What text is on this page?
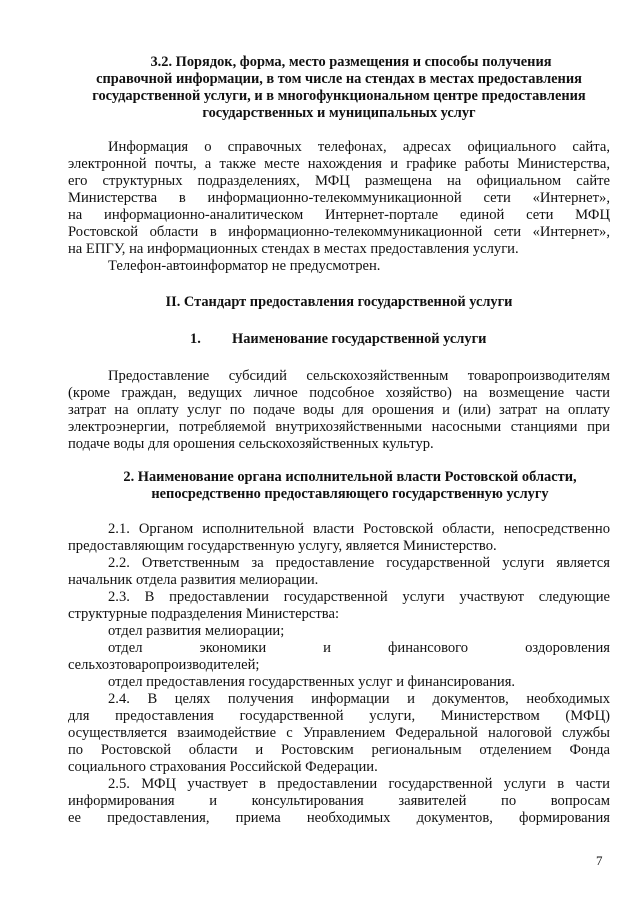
3.2. Порядок, форма, место размещения и способы получения
справочной информации, в том числе на стендах в местах предоставления
государственной услуги, и в многофункциональном центре предоставления
государственных и муниципальных услуг
Информация о справочных телефонах, адресах официального сайта,
электронной почты, а также месте нахождения и графике работы Министерства,
его структурных подразделениях, МФЦ размещена на официальном сайте
Министерства в информационно-телекоммуникационной сети «Интернет»,
на информационно-аналитическом Интернет-портале единой сети МФЦ
Ростовской области в информационно-телекоммуникационной сети «Интернет»,
на ЕПГУ, на информационных стендах в местах предоставления услуги.
Телефон-автоинформатор не предусмотрен.
II. Стандарт предоставления государственной услуги
1. Наименование государственной услуги
Предоставление субсидий сельскохозяйственным товаропроизводителям
(кроме граждан, ведущих личное подсобное хозяйство) на возмещение части
затрат на оплату услуг по подаче воды для орошения и (или) затрат на оплату
электроэнергии, потребляемой внутрихозяйственными насосными станциями при
подаче воды для орошения сельскохозяйственных культур.
2. Наименование органа исполнительной власти Ростовской области,
непосредственно предоставляющего государственную услугу
2.1. Органом исполнительной власти Ростовской области, непосредственно
предоставляющим государственную услугу, является Министерство.
2.2. Ответственным за предоставление государственной услуги является
начальник отдела развития мелиорации.
2.3. В предоставлении государственной услуги участвуют следующие
структурные подразделения Министерства:
отдел развития мелиорации;
отдел экономики и финансового оздоровления
сельхозтоваропроизводителей;
отдел предоставления государственных услуг и финансирования.
2.4. В целях получения информации и документов, необходимых
для предоставления государственной услуги, Министерством (МФЦ)
осуществляется взаимодействие с Управлением Федеральной налоговой службы
по Ростовской области и Ростовским региональным отделением Фонда
социального страхования Российской Федерации.
2.5. МФЦ участвует в предоставлении государственной услуги в части
информирования и консультирования заявителей по вопросам
ее предоставления, приема необходимых документов, формирования
7
